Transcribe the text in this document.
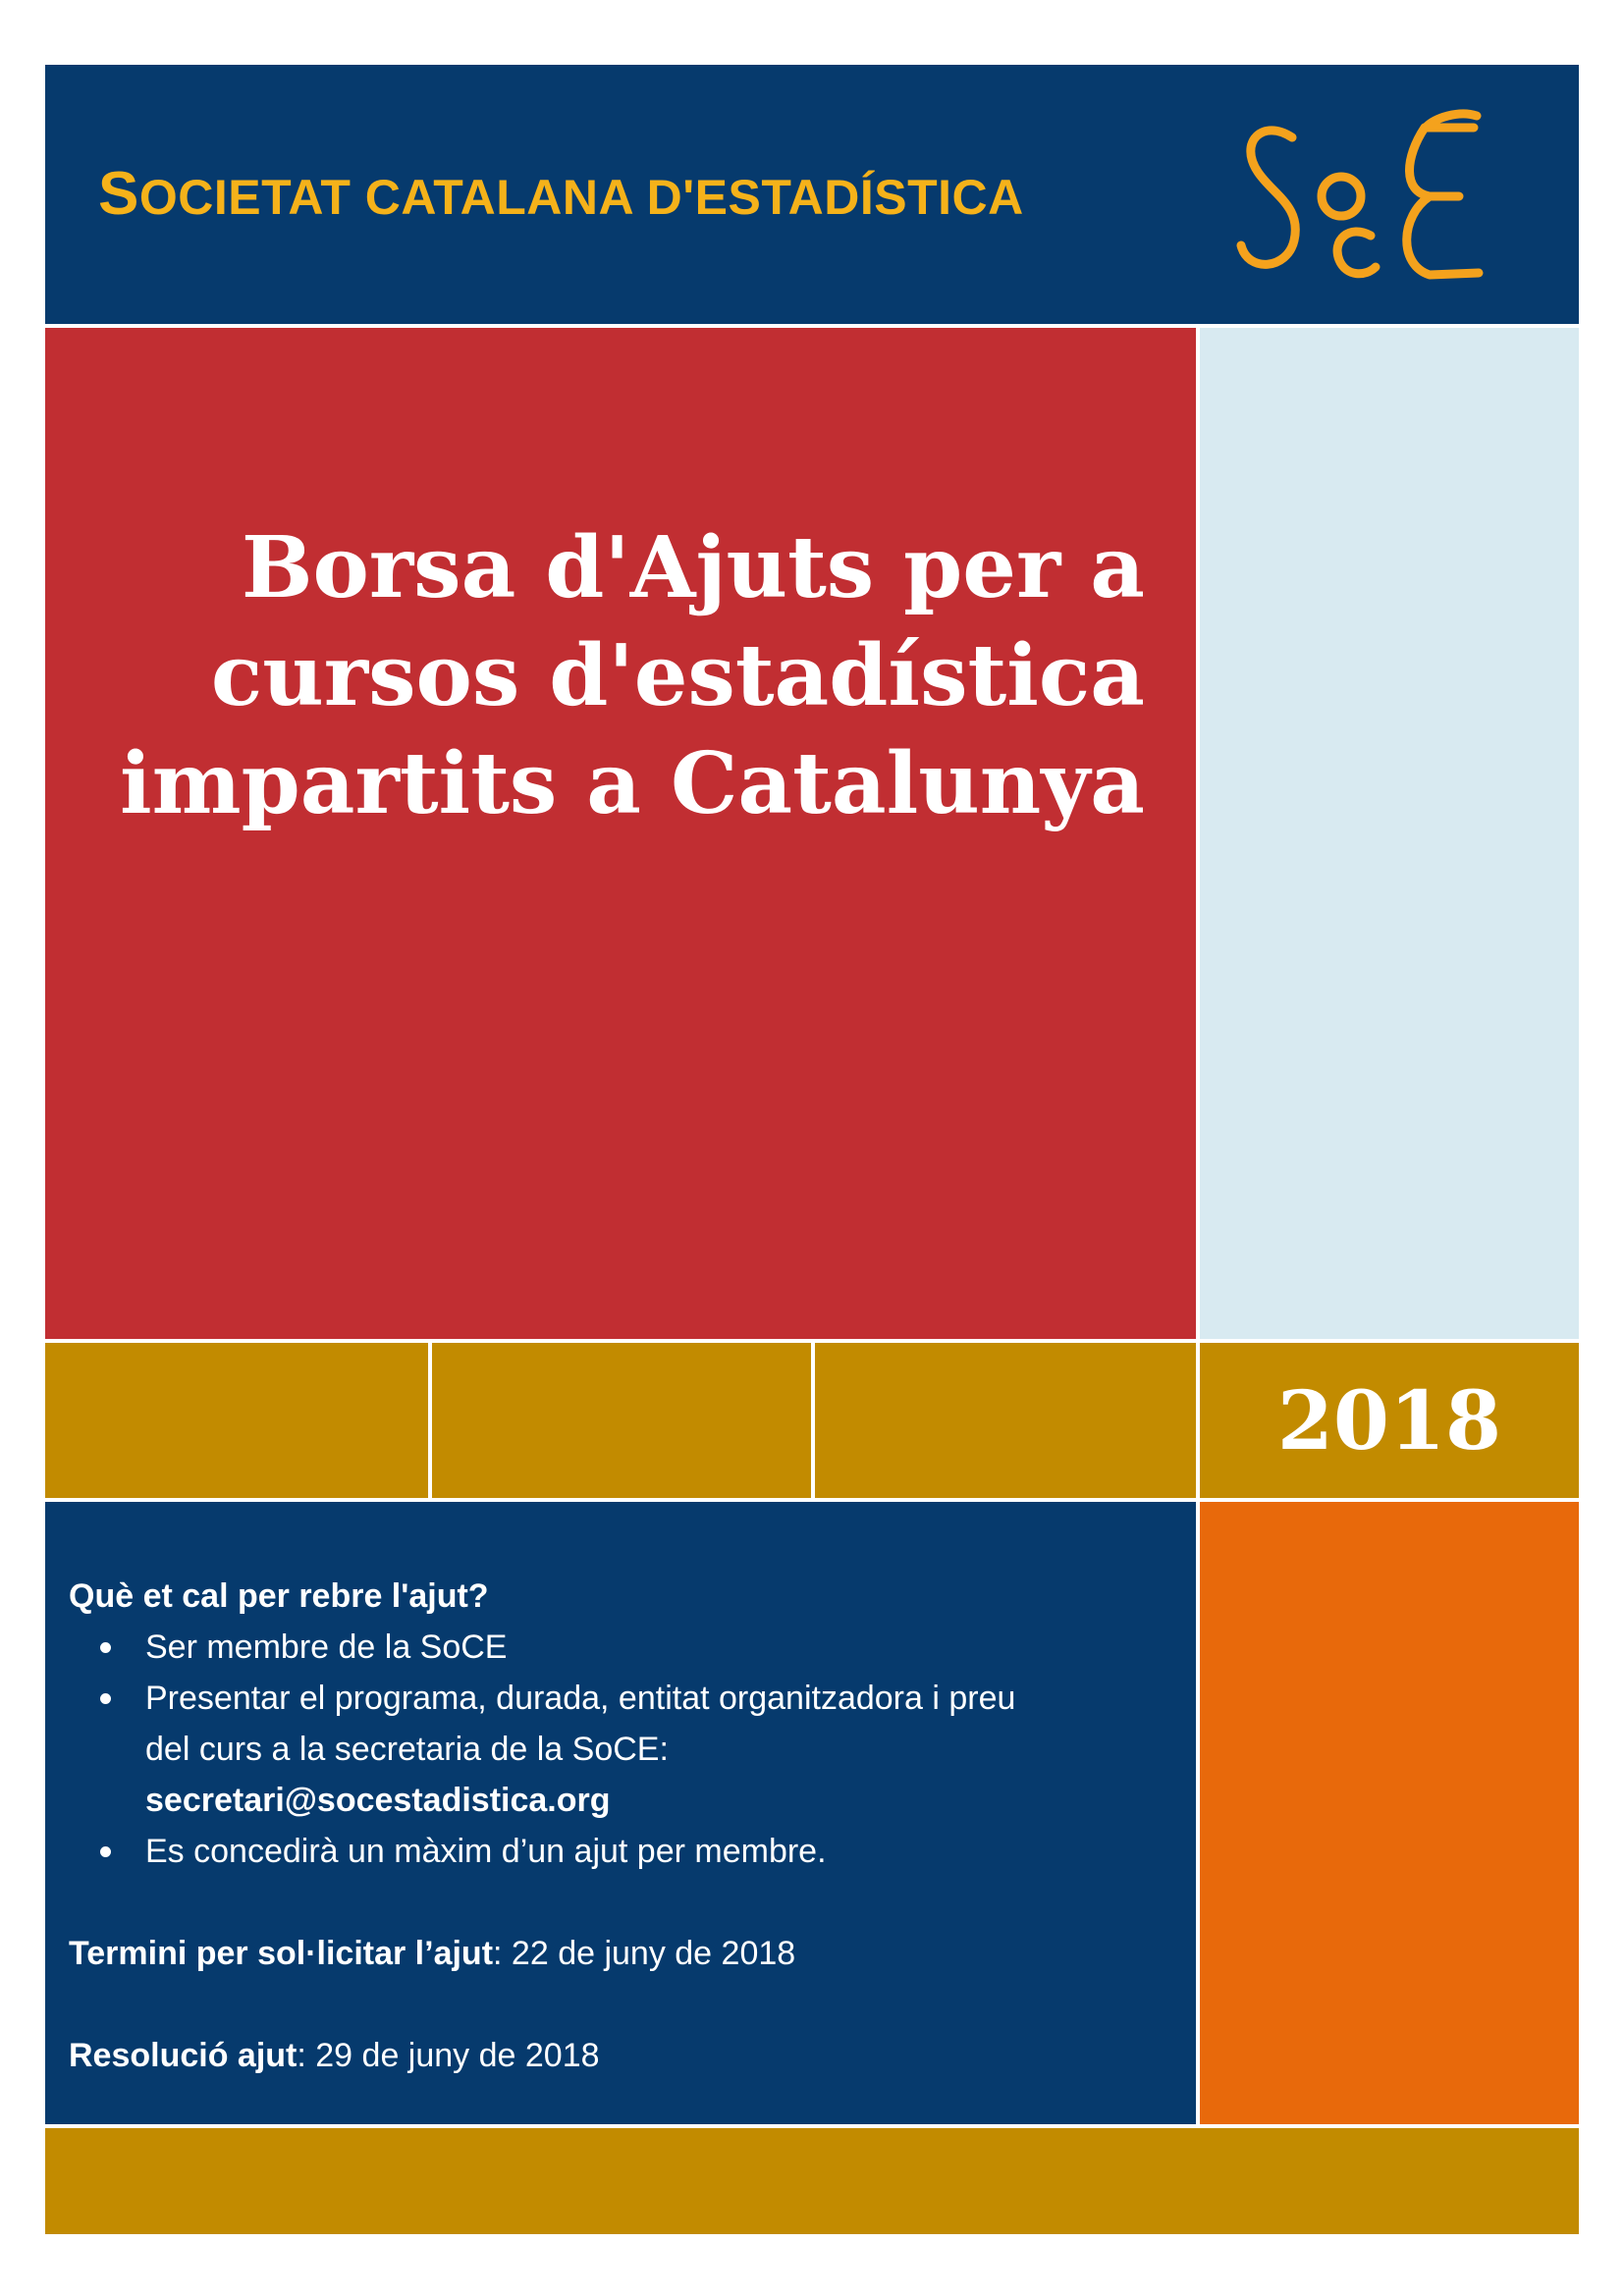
SOCIETAT CATALANA D'ESTADÍSTICA
Borsa d'Ajuts per a
cursos d'estadística
impartits a Catalunya
2018
Què et cal per rebre l'ajut?
Ser membre de la SoCE
Presentar el programa, durada, entitat organitzadora i preu
del curs a la secretaria de la SoCE:
secretari@socestadistica.org
Es concedirà un màxim d’un ajut per membre.
Termini per sol·licitar l’ajut: 22 de juny de 2018
Resolució ajut: 29 de juny de 2018
